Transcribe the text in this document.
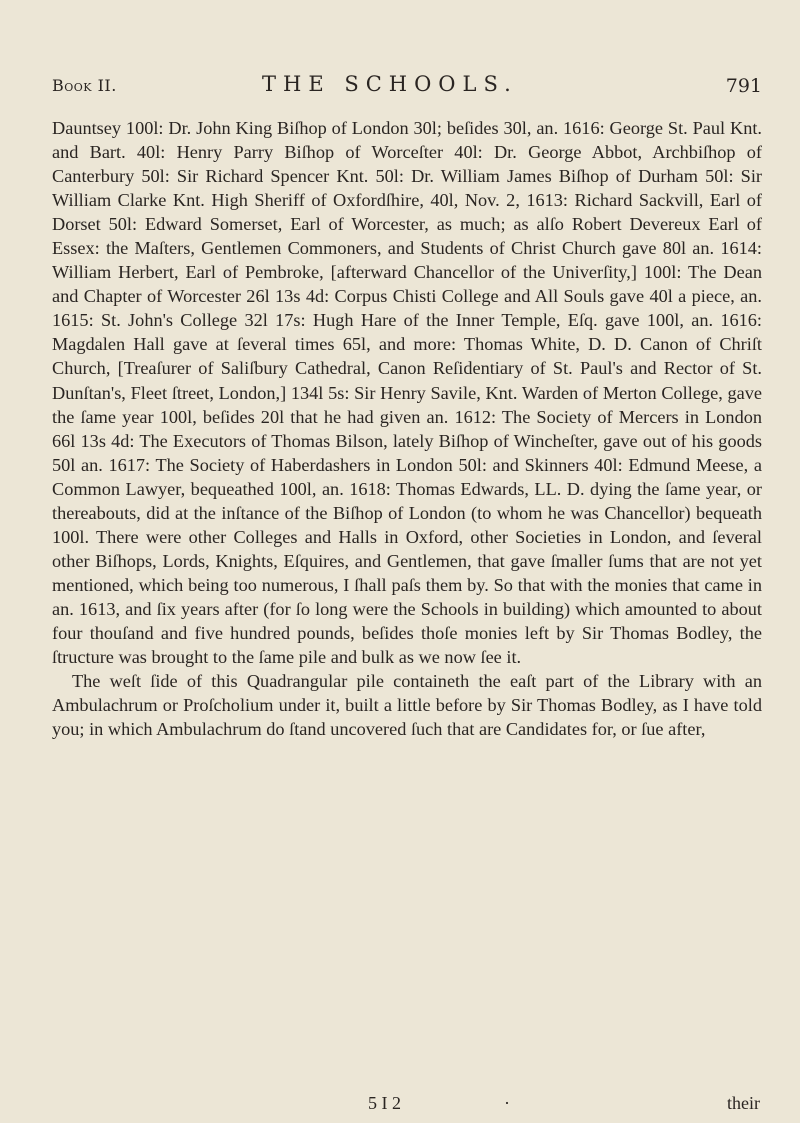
Book II.	THE SCHOOLS.	791

Dauntsey 100l: Dr. John King Biſhop of London 30l; beſides 30l, an. 1616: George St. Paul Knt. and Bart. 40l: Henry Parry Biſhop of Worceſter 40l: Dr. George Abbot, Archbiſhop of Canterbury 50l: Sir Richard Spencer Knt. 50l: Dr. William James Biſhop of Durham 50l: Sir William Clarke Knt. High Sheriff of Oxfordſhire, 40l, Nov. 2, 1613: Richard Sackvill, Earl of Dorset 50l: Edward Somerset, Earl of Worcester, as much; as alſo Robert Devereux Earl of Essex: the Maſters, Gentlemen Commoners, and Students of Christ Church gave 80l an. 1614: William Herbert, Earl of Pembroke, [afterward Chancellor of the Univerſity,] 100l: The Dean and Chapter of Worcester 26l 13s 4d: Corpus Chisti College and All Souls gave 40l a piece, an. 1615: St. John's College 32l 17s: Hugh Hare of the Inner Temple, Eſq. gave 100l, an. 1616: Magdalen Hall gave at ſeveral times 65l, and more: Thomas White, D. D. Canon of Chriſt Church, [Treaſurer of Saliſbury Cathedral, Canon Reſidentiary of St. Paul's and Rector of St. Dunſtan's, Fleet ſtreet, London,] 134l 5s: Sir Henry Savile, Knt. Warden of Merton College, gave the ſame year 100l, beſides 20l that he had given an. 1612: The Society of Mercers in London 66l 13s 4d: The Executors of Thomas Bilson, lately Biſhop of Wincheſter, gave out of his goods 50l an. 1617: The Society of Haberdashers in London 50l: and Skinners 40l: Edmund Meese, a Common Lawyer, bequeathed 100l, an. 1618: Thomas Edwards, LL. D. dying the ſame year, or thereabouts, did at the inſtance of the Biſhop of London (to whom he was Chancellor) bequeath 100l. There were other Colleges and Halls in Oxford, other Societies in London, and ſeveral other Biſhops, Lords, Knights, Eſquires, and Gentlemen, that gave ſmaller ſums that are not yet mentioned, which being too numerous, I ſhall paſs them by. So that with the monies that came in an. 1613, and ſix years after (for ſo long were the Schools in building) which amounted to about four thouſand and five hundred pounds, beſides thoſe monies left by Sir Thomas Bodley, the ſtructure was brought to the ſame pile and bulk as we now ſee it.

The weſt ſide of this Quadrangular pile containeth the eaſt part of the Library with an Ambulachrum or Proſcholium under it, built a little before by Sir Thomas Bodley, as I have told you; in which Ambulachrum do ſtand uncovered ſuch that are Candidates for, or ſue after,

5 I 2	·	their
